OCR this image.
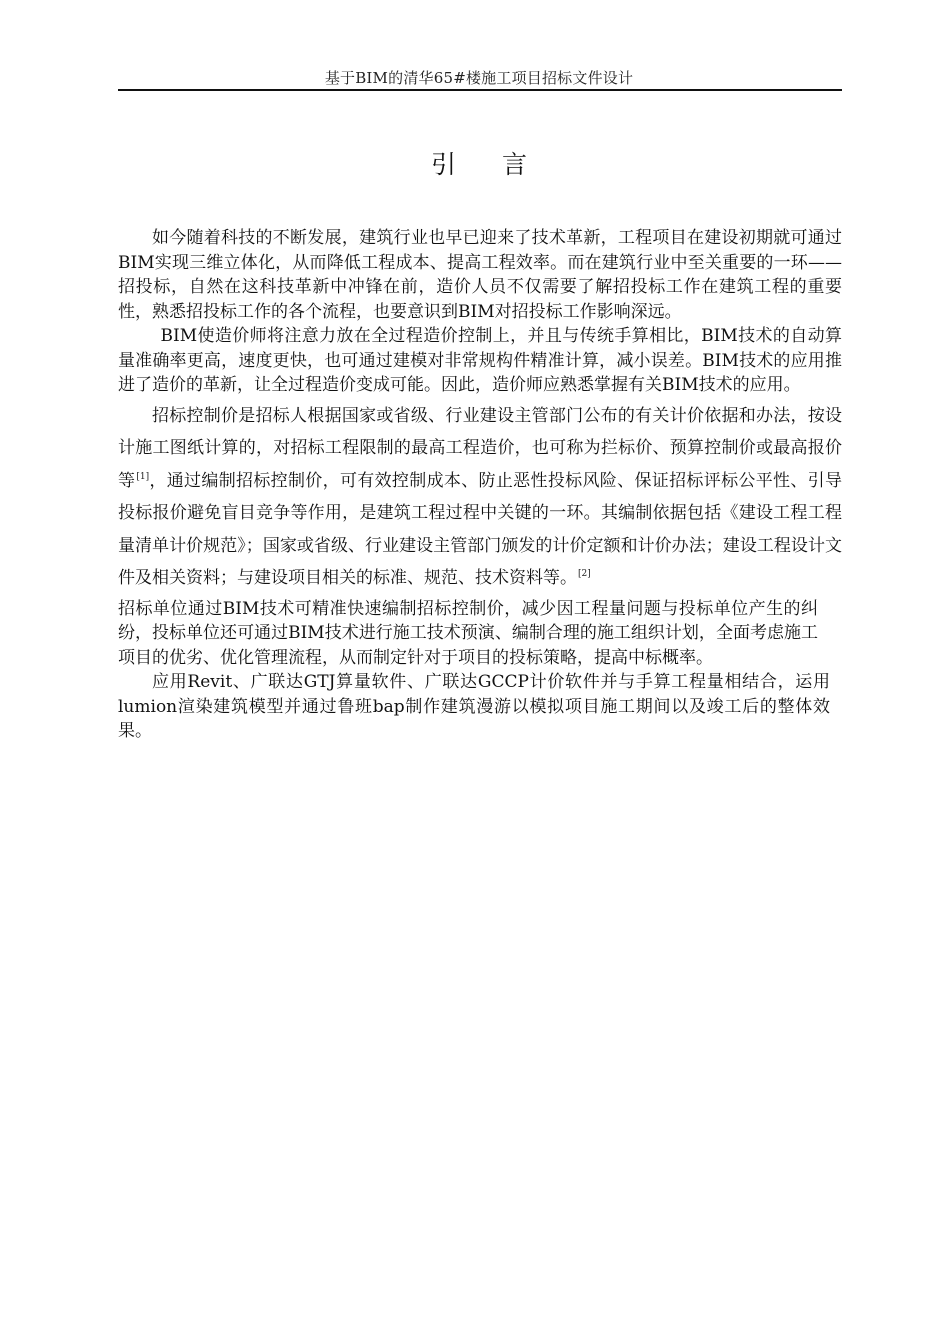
基于BIM的清华65#楼施工项目招标文件设计
引 言

如今随着科技的不断发展，建筑行业也早已迎来了技术革新，工程项目在建设初期就可通过BIM实现三维立体化，从而降低工程成本、提高工程效率。而在建筑行业中至关重要的一环——招投标，自然在这科技革新中冲锋在前，造价人员不仅需要了解招投标工作在建筑工程的重要性，熟悉招投标工作的各个流程，也要意识到BIM对招投标工作影响深远。

BIM使造价师将注意力放在全过程造价控制上，并且与传统手算相比，BIM技术的自动算量准确率更高，速度更快，也可通过建模对非常规构件精准计算，减小误差。BIM技术的应用推进了造价的革新，让全过程造价变成可能。因此，造价师应熟悉掌握有关BIM技术的应用。

招标控制价是招标人根据国家或省级、行业建设主管部门公布的有关计价依据和办法，按设计施工图纸计算的，对招标工程限制的最高工程造价，也可称为拦标价、预算控制价或最高报价等[1]，通过编制招标控制价，可有效控制成本、防止恶性投标风险、保证招标评标公平性、引导投标报价避免盲目竞争等作用，是建筑工程过程中关键的一环。其编制依据包括《建设工程工程量清单计价规范》；国家或省级、行业建设主管部门颁发的计价定额和计价办法；建设工程设计文件及相关资料；与建设项目相关的标准、规范、技术资料等。[2]

招标单位通过BIM技术可精准快速编制招标控制价，减少因工程量问题与投标单位产生的纠纷，投标单位还可通过BIM技术进行施工技术预演、编制合理的施工组织计划，全面考虑施工项目的优劣、优化管理流程，从而制定针对于项目的投标策略，提高中标概率。

应用Revit、广联达GTJ算量软件、广联达GCCP计价软件并与手算工程量相结合，运用lumion渲染建筑模型并通过鲁班bap制作建筑漫游以模拟项目施工期间以及竣工后的整体效果。
